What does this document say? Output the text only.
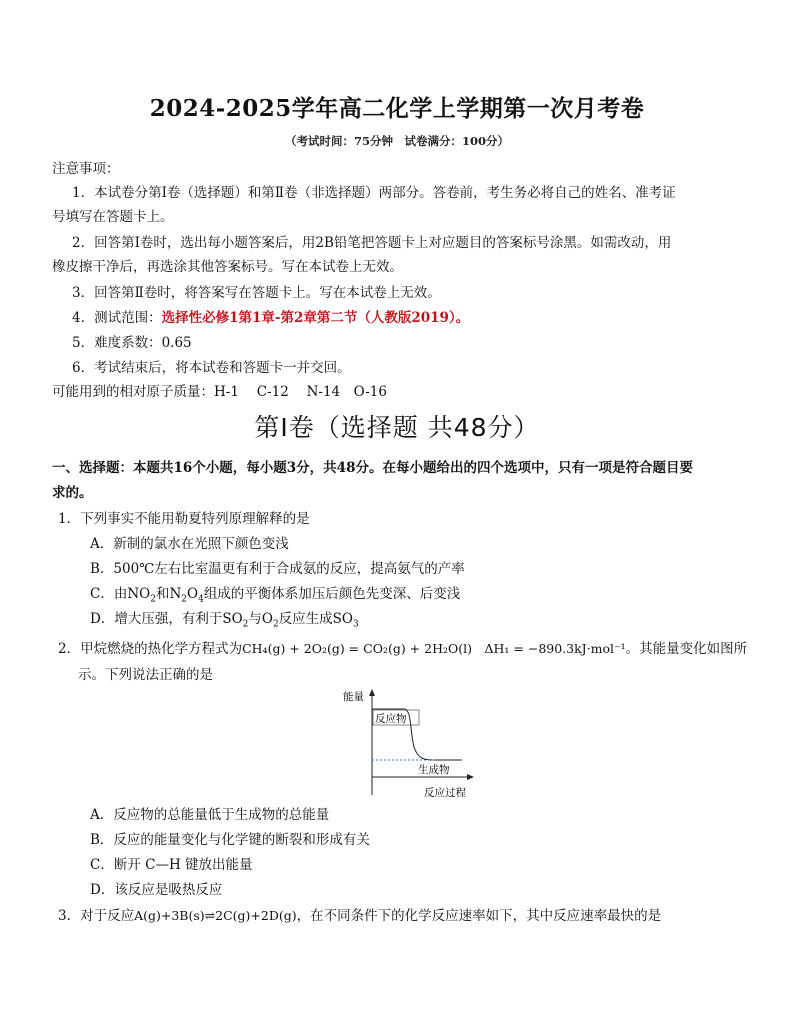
2024-2025学年高二化学上学期第一次月考卷
（考试时间：75分钟　试卷满分：100分）
注意事项：
1．本试卷分第Ⅰ卷（选择题）和第Ⅱ卷（非选择题）两部分。答卷前，考生务必将自己的姓名、准考证
号填写在答题卡上。
2．回答第Ⅰ卷时，选出每小题答案后，用2B铅笔把答题卡上对应题目的答案标号涂黑。如需改动，用
橡皮擦干净后，再选涂其他答案标号。写在本试卷上无效。
3．回答第Ⅱ卷时，将答案写在答题卡上。写在本试卷上无效。
4．测试范围：选择性必修1第1章-第2章第二节（人教版2019）。
5．难度系数：0.65
6．考试结束后，将本试卷和答题卡一并交回。
可能用到的相对原子质量：H-1　 C-12　 N-14　O-16
第Ⅰ卷（选择题 共48分）
一、选择题：本题共16个小题，每小题3分，共48分。在每小题给出的四个选项中，只有一项是符合题目要
求的。
1．下列事实不能用勒夏特列原理解释的是
A．新制的氯水在光照下颜色变浅
B．500℃左右比室温更有利于合成氨的反应，提高氨气的产率
C．由$NO_2$和$N_2O_4$组成的平衡体系加压后颜色先变深、后变浅
D．增大压强，有利于$SO_2$与$O_2$反应生成$SO_3$
2．甲烷燃烧的热化学方程式为CH₄(g) + 2O₂(g) = CO₂(g) + 2H₂O(l)　ΔH₁ = −890.3kJ·mol⁻¹。其能量变化如图所
示。下列说法正确的是
能量
反应物
生成物
反应过程
A．反应物的总能量低于生成物的总能量
B．反应的能量变化与化学键的断裂和形成有关
C．断开 C—H 键放出能量
D．该反应是吸热反应
3．对于反应A(g)+3B(s)⇌2C(g)+2D(g)，在不同条件下的化学反应速率如下，其中反应速率最快的是
